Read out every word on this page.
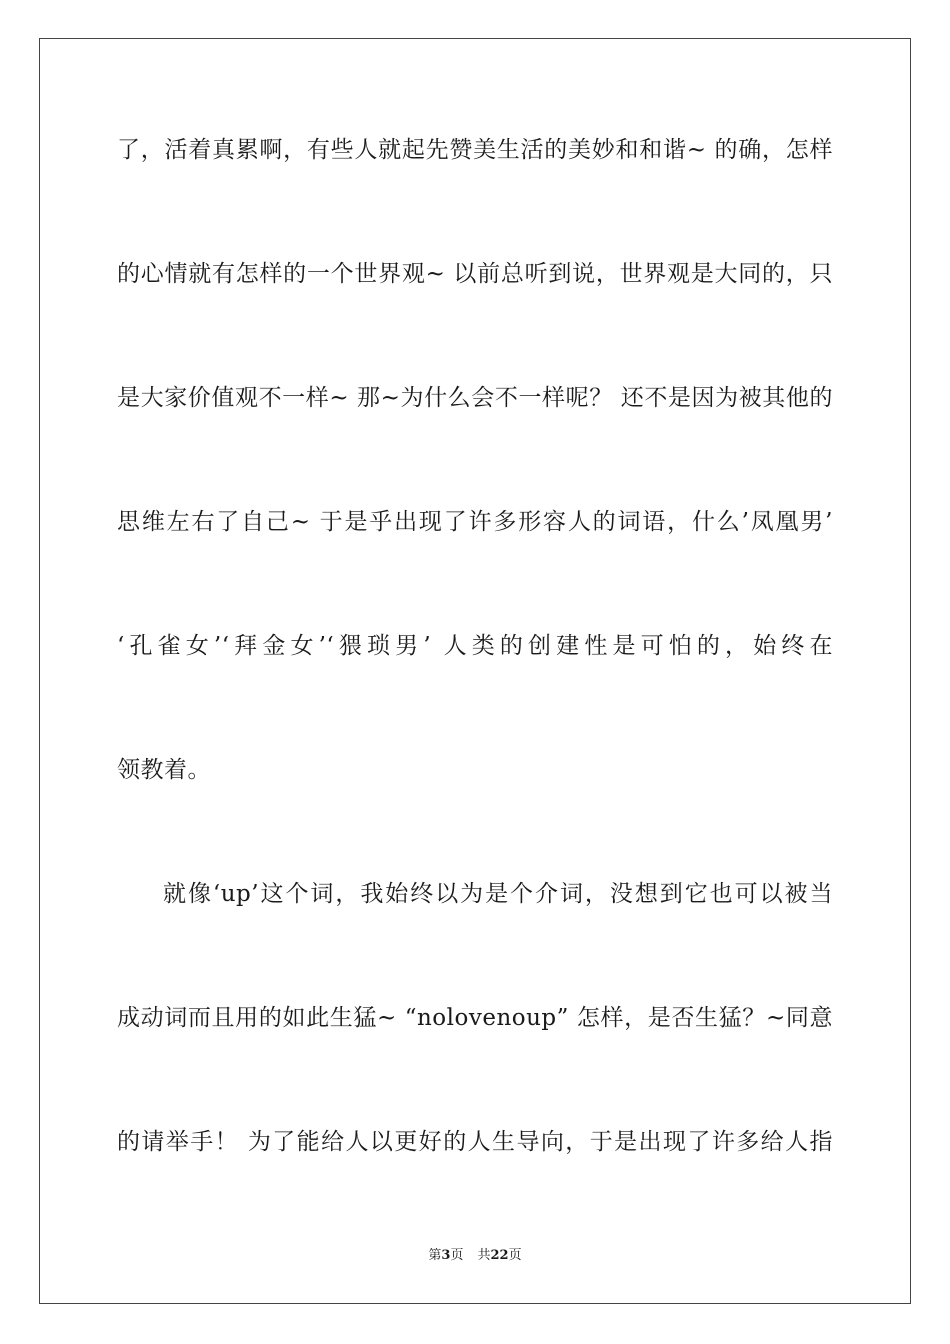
了，活着真累啊，有些人就起先赞美生活的美妙和和谐~ 的确，怎样
的心情就有怎样的一个世界观~ 以前总听到说，世界观是大同的，只
是大家价值观不一样~ 那~为什么会不一样呢？ 还不是因为被其他的
思维左右了自己~ 于是乎出现了许多形容人的词语，什么’凤凰男’
‘孔雀女’‘拜金女’‘猥琐男’ 人类的创建性是可怕的，始终在
领教着。
就像‘up’这个词，我始终以为是个介词，没想到它也可以被当
成动词而且用的如此生猛~ “nolovenoup” 怎样，是否生猛？~同意
的请举手！ 为了能给人以更好的人生导向，于是出现了许多给人指
第3页 共22页
